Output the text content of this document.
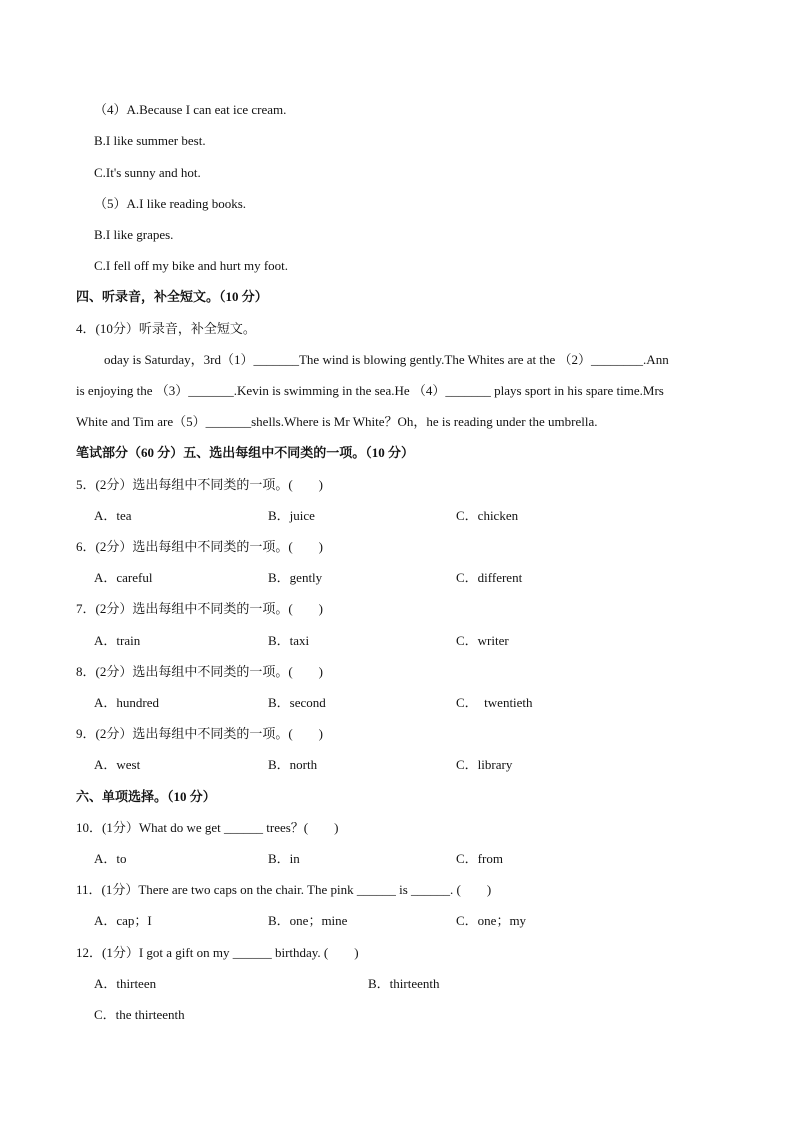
（4）A.Because I can eat ice cream.
B.I like summer best.
C.It's sunny and hot.
（5）A.I like reading books.
B.I like grapes.
C.I fell off my bike and hurt my foot.
四、听录音，补全短文。（10 分）
4．(10分）听录音，补全短文。
oday is Saturday，3rd（1）_______The wind is blowing gently.The Whites are at the （2）________.Ann
is enjoying the （3）_______.Kevin is swimming in the sea.He （4）_______ plays sport in his spare time.Mrs
White and Tim are（5）_______shells.Where is Mr White？Oh，he is reading under the umbrella.
笔试部分（60 分）五、选出每组中不同类的一项。（10 分）
5．(2分）选出每组中不同类的一项。(　　)
A．tea	B．juice	C．chicken
6．(2分）选出每组中不同类的一项。(　　)
A．careful	B．gently	C．different
7．(2分）选出每组中不同类的一项。(　　)
A．train	B．taxi	C．writer
8．(2分）选出每组中不同类的一项。(　　)
A．hundred	B．second	C．  twentieth
9．(2分）选出每组中不同类的一项。(　　)
A．west	B．north	C．library
六、单项选择。（10 分）
10．(1分）What do we get ______ trees？(　　)
A．to	B．in	C．from
11．(1分）There are two caps on the chair. The pink ______ is ______. (　　)
A．cap；I	B．one；mine	C．one；my
12．(1分）I got a gift on my ______ birthday. (　　)
A．thirteen	B．thirteenth
C．the thirteenth
